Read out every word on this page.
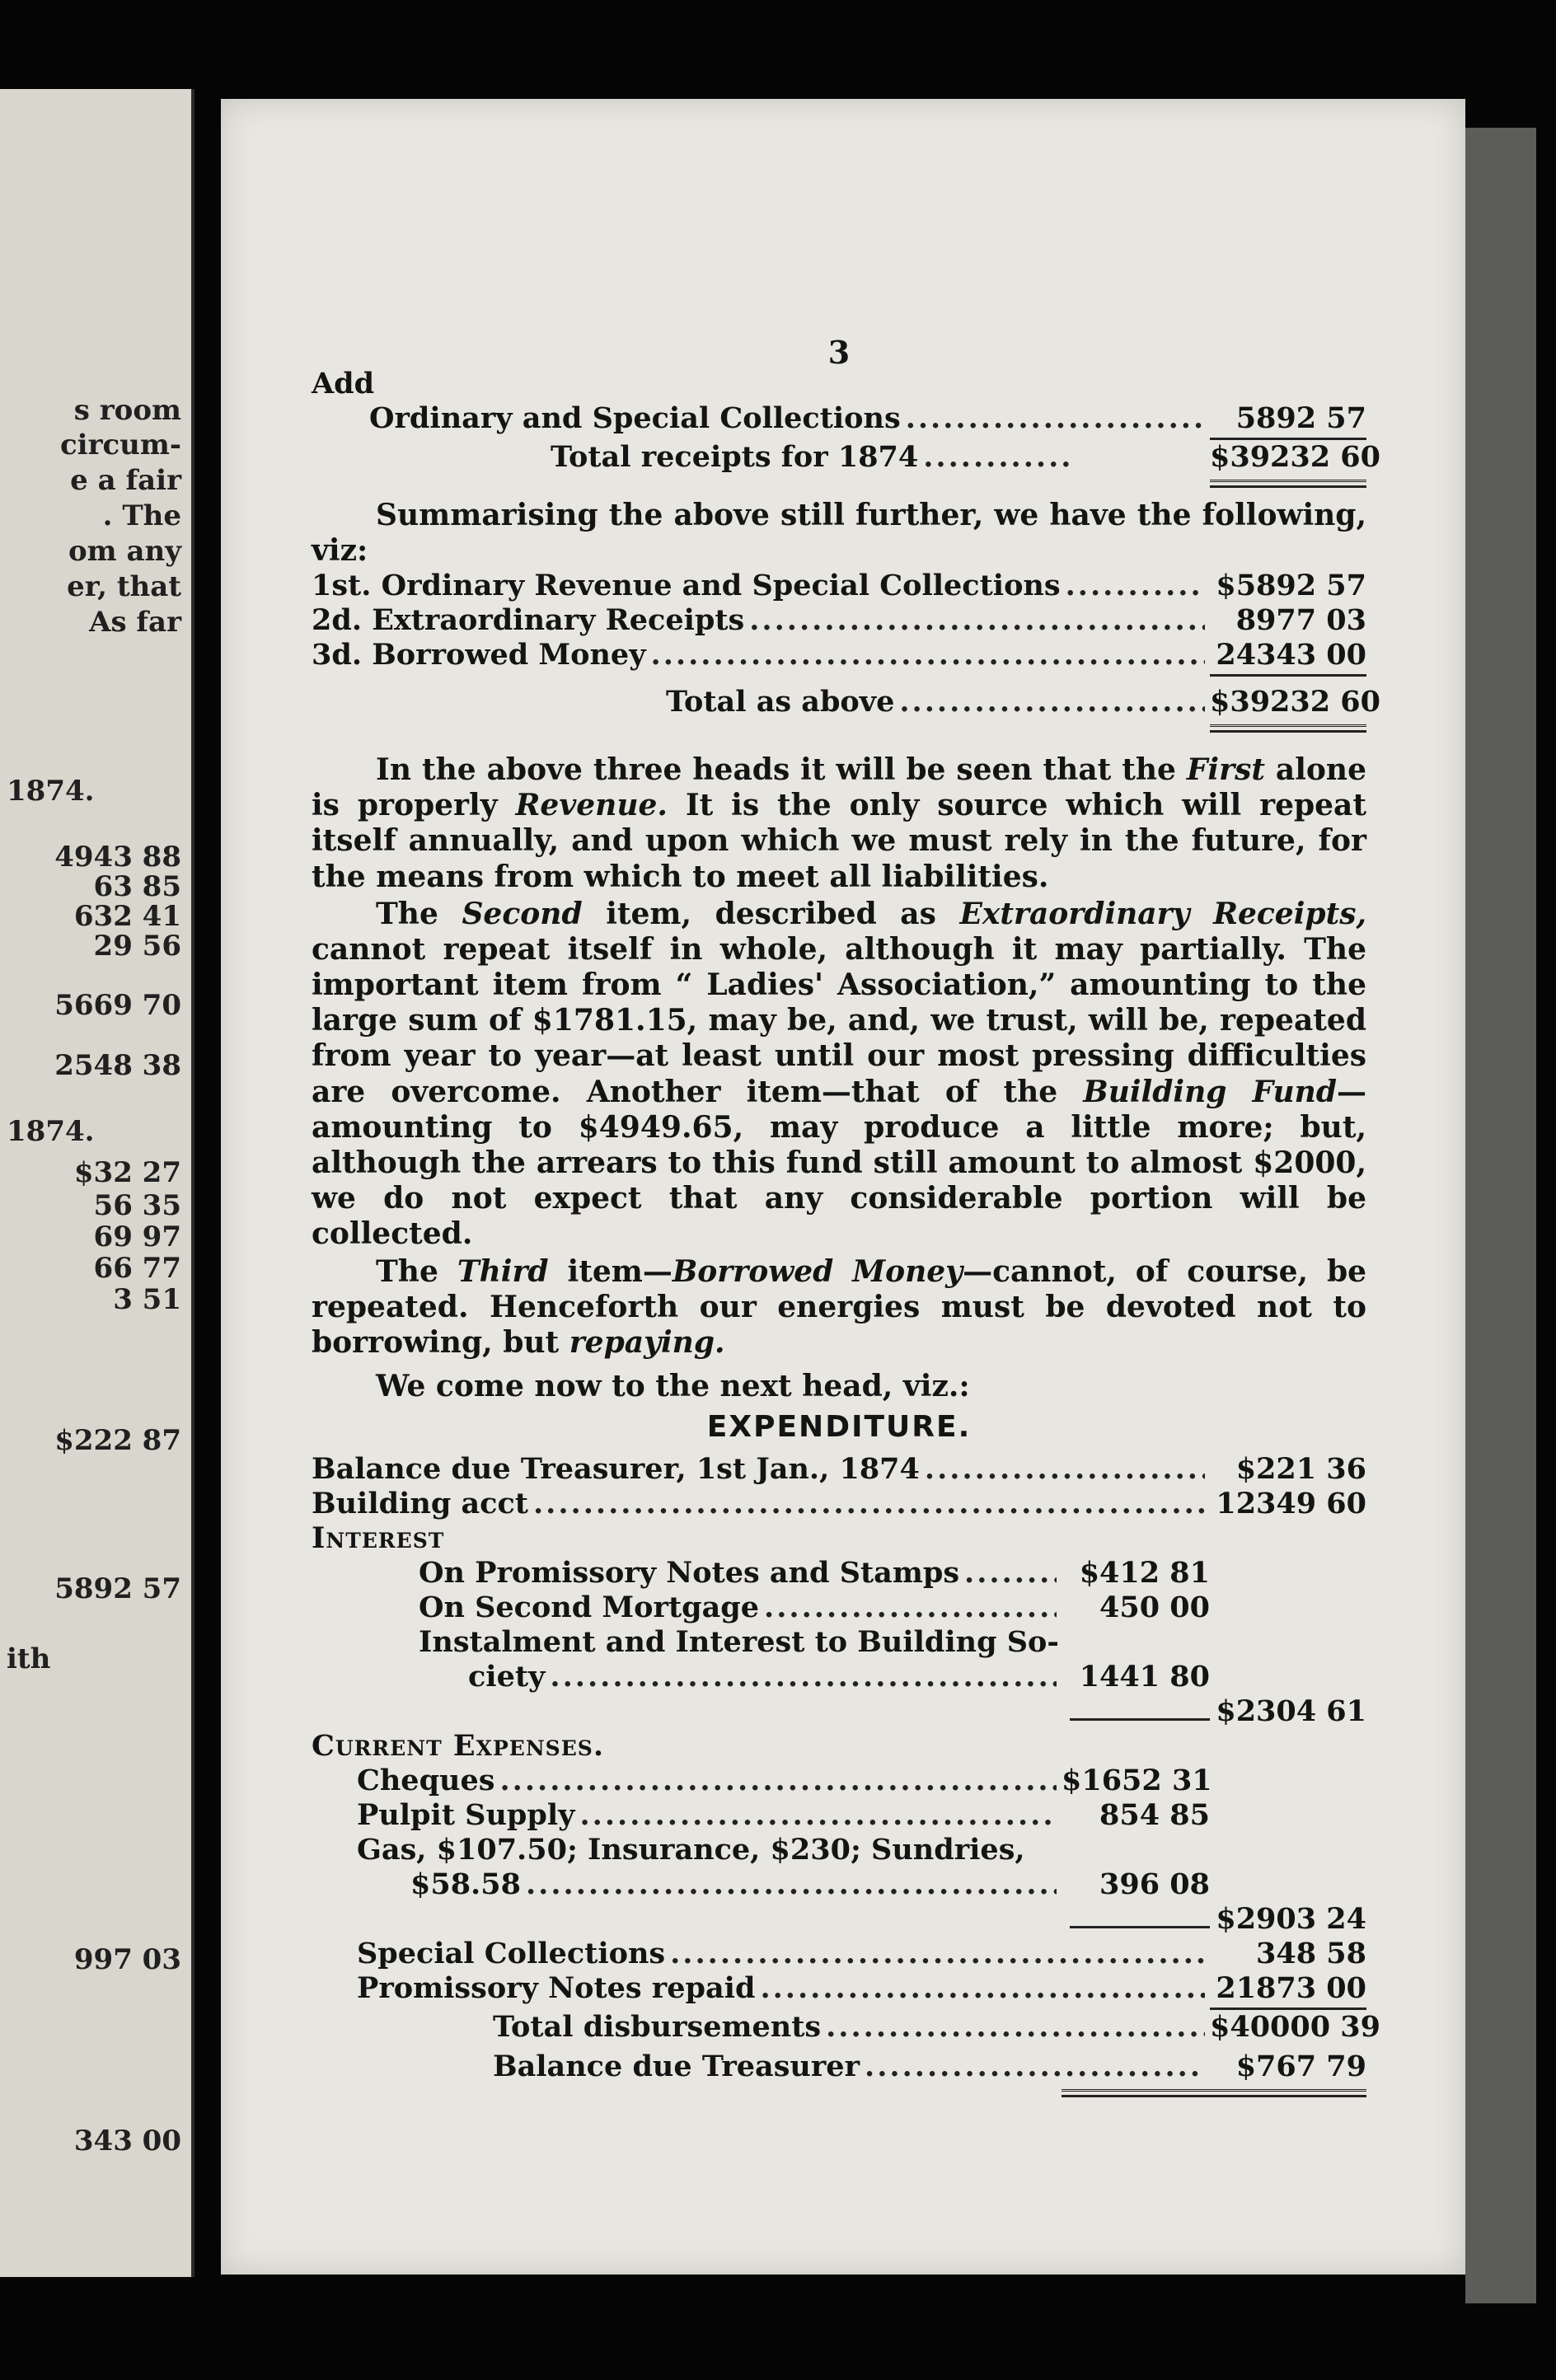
s room
circum-
e a fair
. The
om any
er, that
As far
1874.
4943 88
63 85
632 41
29 56
5669 70
2548 38
1874.
$32 27
56 35
69 97
66 77
3 51
$222 87
5892 57
ith
997 03
343 00
3
Add
Ordinary and Special Collections .....	5892 57
Total receipts for 1874 .....	$39232 60

Summarising the above still further, we have the following, viz:

1st. Ordinary Revenue and Special Collections .....	$5892 57
2d. Extraordinary Receipts .....	8977 03
3d. Borrowed Money .....	24343 00
Total as above .....	$39232 60

In the above three heads it will be seen that the First alone is properly Revenue. It is the only source which will repeat itself annually, and upon which we must rely in the future, for the means from which to meet all liabilities.

The Second item, described as Extraordinary Receipts, cannot repeat itself in whole, although it may partially. The important item from “ Ladies' Association,” amounting to the large sum of $1781.15, may be, and, we trust, will be, repeated from year to year—at least until our most pressing difficulties are overcome. Another item—that of the Building Fund—amounting to $4949.65, may produce a little more; but, although the arrears to this fund still amount to almost $2000, we do not expect that any considerable portion will be collected.

The Third item—Borrowed Money—cannot, of course, be repeated. Henceforth our energies must be devoted not to borrowing, but repaying.

We come now to the next head, viz.:

EXPENDITURE.
Balance due Treasurer, 1st Jan., 1874 .....	$221 36
Building acct .....	12349 60
Interest
On Promissory Notes and Stamps .....	$412 81
On Second Mortgage .....	450 00
Instalment and Interest to Building So-
ciety .....	1441 80
$2304 61
Current Expenses.
Cheques .....	$1652 31
Pulpit Supply .....	854 85
Gas, $107.50; Insurance, $230; Sundries,
$58.58 .....	396 08
$2903 24
Special Collections .....	348 58
Promissory Notes repaid .....	21873 00
Total disbursements .....	$40000 39
Balance due Treasurer .....	$767 79
